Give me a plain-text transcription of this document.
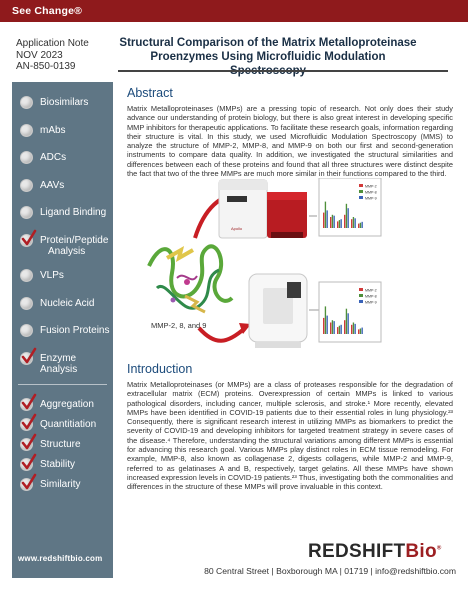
See Change®
Application Note
NOV 2023
AN-850-0139
Structural Comparison of the Matrix Metalloproteinase
Proenzymes Using Microfluidic Modulation
Biosimilars
mAbs
ADCs
AAVs
Ligand Binding
Protein/Peptide
Analysis
VLPs
Nucleic Acid
Fusion Proteins
Enzyme Analysis
Aggregation
Quantitiation
Structure
Stability
Similarity
www.redshiftbio.com
Abstract
Matrix Metalloproteinases (MMPs) are a pressing topic of research. Not only does their study advance our understanding of protein biology, but there is also great interest in developing specific MMP inhibitors for therapeutic applications. To facilitate these research goals, information regarding their structure is vital. In this study, we used Microfluidic Modulation Spectroscopy (MMS) to analyze the structure of MMP-2, MMP-8, and MMP-9 on both our first and second-generation instruments to compare data quality. In addition, we investigated the structural similarities and differences between each of these proteins and found that all three structures were distinct despite the fact that two of the three MMPs are much more similar in their functions compared to the third.
MMP-2, 8, and 9
Apollo
MMP-2
MMP-8
MMP-9
MMP-2
MMP-8
MMP-9
Introduction
Matrix Metalloproteinases (or MMPs) are a class of proteases responsible for the degradation of extracellular matrix (ECM) proteins. Overexpression of certain MMPs is linked to various pathological disorders, including cancer, multiple sclerosis, and stroke.¹ More recently, elevated MMPs have been identified in COVID-19 patients due to their essential roles in lung physiology.²³ Consequently, there is significant research interest in utilizing MMPs as biomarkers to predict the severity of COVID-19 and developing inhibitors for targeted treatment strategy in severe cases of the disease.⁴ Therefore, understanding the structural variations among different MMPs is essential for advancing this research goal. Various MMPs play distinct roles in ECM tissue remodeling. For example, MMP-8, also known as collagenase 2, digests collagens, while MMP-2 and MMP-9, referred to as gelatinases A and B, respectively, target gelatins. All these MMPs have shown increased expression levels in COVID-19 patients.²³ Thus, investigating both the commonalities and differences in the structure of these MMPs will prove invaluable in this context.
REDSHIFTBio®
80 Central Street | Boxborough MA | 01719 | info@redshiftbio.com
